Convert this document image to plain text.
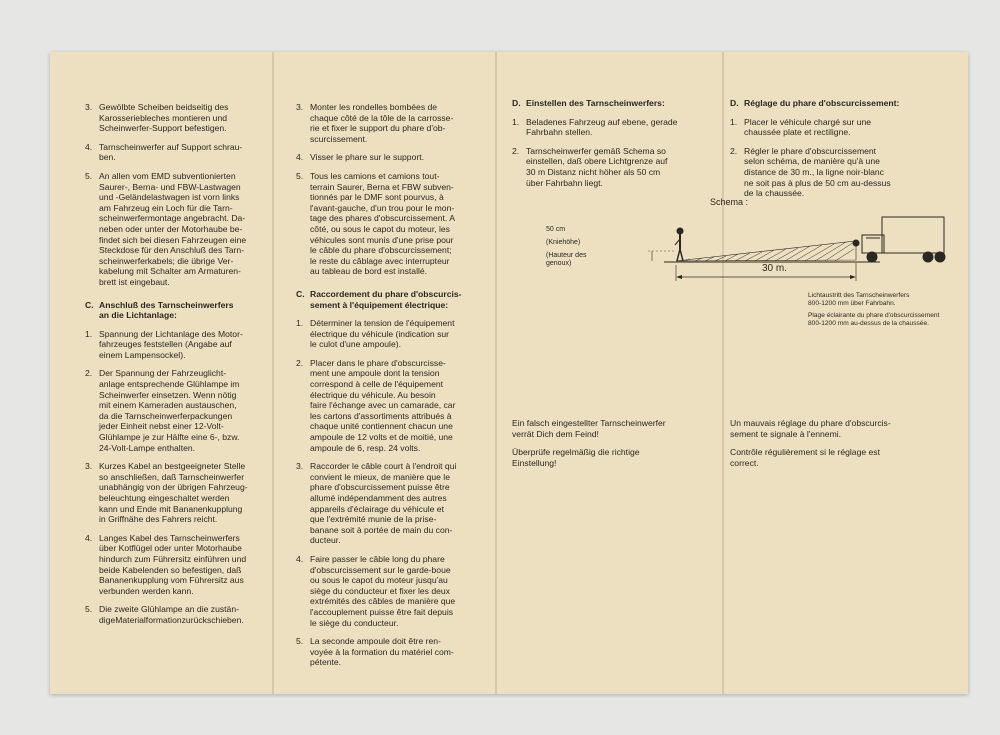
3. Gewölbte Scheiben beidseitig des
Karosseriebleches montieren und
Scheinwerfer-Support befestigen.
4. Tarnscheinwerfer auf Support schrau-
ben.
5. An allen vom EMD subventionierten
Saurer-, Berna- und FBW-Lastwagen
und -Geländelastwagen ist vorn links
am Fahrzeug ein Loch für die Tarn-
scheinwerfermontage angebracht. Da-
neben oder unter der Motorhaube be-
findet sich bei diesen Fahrzeugen eine
Steckdose für den Anschluß des Tarn-
scheinwerferkabels; die übrige Ver-
kabelung mit Schalter am Armaturen-
brett ist eingebaut.
C. Anschluß des Tarnscheinwerfers
an die Lichtanlage:
1. Spannung der Lichtanlage des Motor-
fahrzeuges feststellen (Angabe auf
einem Lampensockel).
2. Der Spannung der Fahrzeuglicht-
anlage entsprechende Glühlampe im
Scheinwerfer einsetzen. Wenn nötig
mit einem Kameraden austauschen,
da die Tarnscheinwerferpackungen
jeder Einheit nebst einer 12-Volt-
Glühlampe je zur Hälfte eine 6-, bzw.
24-Volt-Lampe enthalten.
3. Kurzes Kabel an bestgeeigneter Stelle
so anschließen, daß Tarnscheinwerfer
unabhängig von der übrigen Fahrzeug-
beleuchtung eingeschaltet werden
kann und Ende mit Bananenkupplung
in Griffnähe des Fahrers reicht.
4. Langes Kabel des Tarnscheinwerfers
über Kotflügel oder unter Motorhaube
hindurch zum Führersitz einführen und
beide Kabelenden so befestigen, daß
Bananenkupplung vom Führersitz aus
verbunden werden kann.
5. Die zweite Glühlampe an die zustän-
digeMaterialformationzurückschieben.
3. Monter les rondelles bombées de
chaque côté de la tôle de la carrosse-
rie et fixer le support du phare d'ob-
scurcissement.
4. Visser le phare sur le support.
5. Tous les camions et camions tout-
terrain Saurer, Berna et FBW subven-
tionnés par le DMF sont pourvus, à
l'avant-gauche, d'un trou pour le mon-
tage des phares d'obscurcissement. A
côté, ou sous le capot du moteur, les
véhicules sont munis d'une prise pour
le câble du phare d'obscurcissement;
le reste du câblage avec interrupteur
au tableau de bord est installé.
C. Raccordement du phare d'obscurcis-
sement à l'équipement électrique:
1. Déterminer la tension de l'équipement
électrique du véhicule (indication sur
le culot d'une ampoule).
2. Placer dans le phare d'obscurcisse-
ment une ampoule dont la tension
correspond à celle de l'équipement
électrique du véhicule. Au besoin
faire l'échange avec un camarade, car
les cartons d'assortiments attribués à
chaque unité contiennent chacun une
ampoule de 12 volts et de moitié, une
ampoule de 6, resp. 24 volts.
3. Raccorder le câble court à l'endroit qui
convient le mieux, de manière que le
phare d'obscurcissement puisse être
allumé indépendamment des autres
appareils d'éclairage du véhicule et
que l'extrémité munie de la prise-
banane soit à portée de main du con-
ducteur.
4. Faire passer le câble long du phare
d'obscurcissement sur le garde-boue
ou sous le capot du moteur jusqu'au
siège du conducteur et fixer les deux
extrémités des câbles de manière que
l'accouplement puisse être fait depuis
le siège du conducteur.
5. La seconde ampoule doit être ren-
voyée à la formation du matériel com-
pétente.
D. Einstellen des Tarnscheinwerfers:
1. Beladenes Fahrzeug auf ebene, gerade
Fahrbahn stellen.
2. Tarnscheinwerfer gemäß Schema so
einstellen, daß obere Lichtgrenze auf
30 m Distanz nicht höher als 50 cm
über Fahrbahn liegt.
D. Réglage du phare d'obscurcissement:
1. Placer le véhicule chargé sur une
chaussée plate et rectiligne.
2. Régler le phare d'obscurcissement
selon schéma, de manière qu'à une
distance de 30 m., la ligne noir-blanc
ne soit pas à plus de 50 cm au-dessus
de la chaussée.
Ein falsch eingestellter Tarnscheinwerfer
verrät Dich dem Feind!
Überprüfe regelmäßig die richtige
Einstellung!
Un mauvais réglage du phare d'obscurcis-
sement te signale à l'ennemi.
Contrôle régulièrement si le réglage est
correct.
Schema :
50 cm
(Kniehöhe)
(Hauteur des
genoux)	30 m.
Lichtaustritt des Tarnscheinwerfers
800-1200 mm über Fahrbahn.
Plage éclairante du phare d'obscurcissement
800-1200 mm au-dessus de la chaussée.
